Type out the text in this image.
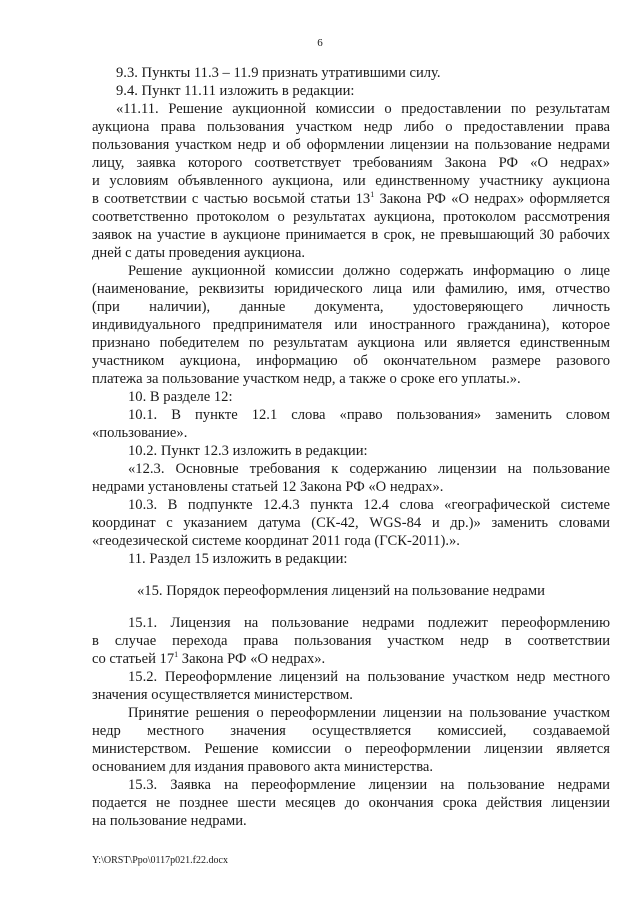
6
9.3. Пункты 11.3 – 11.9 признать утратившими силу.
9.4. Пункт 11.11 изложить в редакции:
«11.11. Решение аукционной комиссии о предоставлении по результатам
аукциона права пользования участком недр либо о предоставлении права
пользования участком недр и об оформлении лицензии на пользование недрами
лицу, заявка которого соответствует требованиям Закона РФ «О недрах»
и условиям объявленного аукциона, или единственному участнику аукциона
в соответствии с частью восьмой статьи $13^1$ Закона РФ «О недрах» оформляется
соответственно протоколом о результатах аукциона, протоколом рассмотрения
заявок на участие в аукционе принимается в срок, не превышающий 30 рабочих
дней с даты проведения аукциона.
Решение аукционной комиссии должно содержать информацию о лице
(наименование, реквизиты юридического лица или фамилию, имя, отчество
(при наличии), данные документа, удостоверяющего личность
индивидуального предпринимателя или иностранного гражданина), которое
признано победителем по результатам аукциона или является единственным
участником аукциона, информацию об окончательном размере разового
платежа за пользование участком недр, а также о сроке его уплаты.».
10. В разделе 12:
10.1. В пункте 12.1 слова «право пользования» заменить словом
«пользование».
10.2. Пункт 12.3 изложить в редакции:
«12.3. Основные требования к содержанию лицензии на пользование
недрами установлены статьей 12 Закона РФ «О недрах».
10.3. В подпункте 12.4.3 пункта 12.4 слова «географической системе
координат с указанием датума (СК-42, WGS-84 и др.)» заменить словами
«геодезической системе координат 2011 года (ГСК-2011).».
11. Раздел 15 изложить в редакции:
«15. Порядок переоформления лицензий на пользование недрами
15.1. Лицензия на пользование недрами подлежит переоформлению
в случае перехода права пользования участком недр в соответствии
со статьей $17^1$ Закона РФ «О недрах».
15.2. Переоформление лицензий на пользование участком недр местного
значения осуществляется министерством.
Принятие решения о переоформлении лицензии на пользование участком
недр местного значения осуществляется комиссией, создаваемой
министерством. Решение комиссии о переоформлении лицензии является
основанием для издания правового акта министерства.
15.3. Заявка на переоформление лицензии на пользование недрами
подается не позднее шести месяцев до окончания срока действия лицензии
на пользование недрами.
Y:\ORST\Ppo\0117p021.f22.docx
